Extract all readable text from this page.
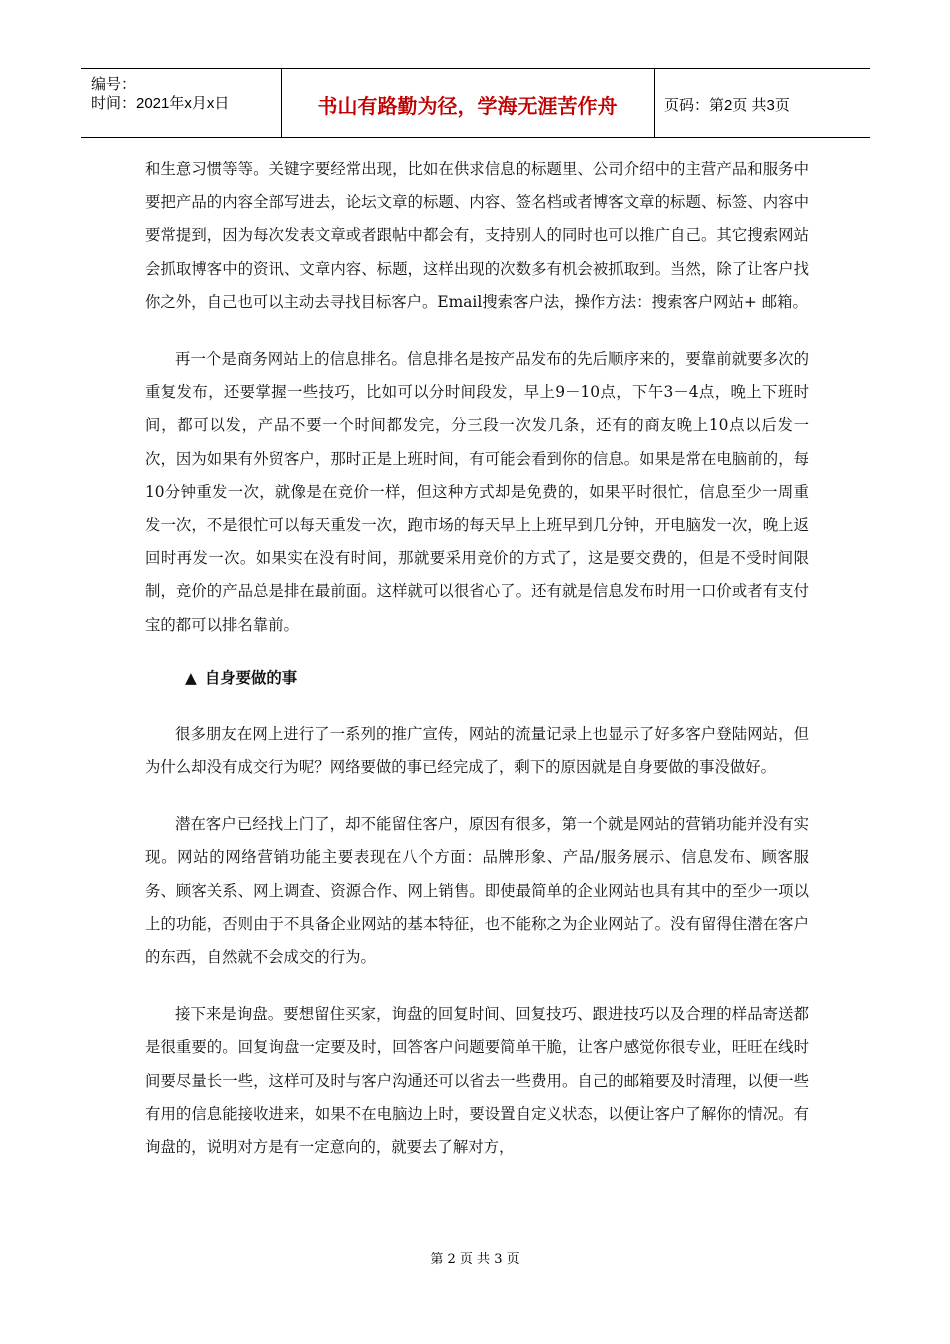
编号：
时间：2021年x月x日	书山有路勤为径，学海无涯苦作舟	页码：第2页 共3页

和生意习惯等等。关键字要经常出现，比如在供求信息的标题里、公司介绍中的主营产品和服务中要把产品的内容全部写进去，论坛文章的标题、内容、签名档或者博客文章的标题、标签、内容中要常提到，因为每次发表文章或者跟帖中都会有，支持别人的同时也可以推广自己。其它搜索网站会抓取博客中的资讯、文章内容、标题，这样出现的次数多有机会被抓取到。当然，除了让客户找你之外，自己也可以主动去寻找目标客户。Email搜索客户法，操作方法：搜索客户网站+ 邮箱。

再一个是商务网站上的信息排名。信息排名是按产品发布的先后顺序来的，要靠前就要多次的重复发布，还要掌握一些技巧，比如可以分时间段发，早上9－10点，下午3－4点，晚上下班时间，都可以发，产品不要一个时间都发完，分三段一次发几条，还有的商友晚上10点以后发一次，因为如果有外贸客户，那时正是上班时间，有可能会看到你的信息。如果是常在电脑前的，每10分钟重发一次，就像是在竞价一样，但这种方式却是免费的，如果平时很忙，信息至少一周重发一次，不是很忙可以每天重发一次，跑市场的每天早上上班早到几分钟，开电脑发一次，晚上返回时再发一次。如果实在没有时间，那就要采用竞价的方式了，这是要交费的，但是不受时间限制，竞价的产品总是排在最前面。这样就可以很省心了。还有就是信息发布时用一口价或者有支付宝的都可以排名靠前。

▲ 自身要做的事

很多朋友在网上进行了一系列的推广宣传，网站的流量记录上也显示了好多客户登陆网站，但为什么却没有成交行为呢？网络要做的事已经完成了，剩下的原因就是自身要做的事没做好。

潜在客户已经找上门了，却不能留住客户，原因有很多，第一个就是网站的营销功能并没有实现。网站的网络营销功能主要表现在八个方面：品牌形象、产品/服务展示、信息发布、顾客服务、顾客关系、网上调查、资源合作、网上销售。即使最简单的企业网站也具有其中的至少一项以上的功能，否则由于不具备企业网站的基本特征，也不能称之为企业网站了。没有留得住潜在客户的东西，自然就不会成交的行为。

接下来是询盘。要想留住买家，询盘的回复时间、回复技巧、跟进技巧以及合理的样品寄送都是很重要的。回复询盘一定要及时，回答客户问题要简单干脆，让客户感觉你很专业，旺旺在线时间要尽量长一些，这样可及时与客户沟通还可以省去一些费用。自己的邮箱要及时清理，以便一些有用的信息能接收进来，如果不在电脑边上时，要设置自定义状态，以便让客户了解你的情况。有询盘的，说明对方是有一定意向的，就要去了解对方，

第 2 页 共 3 页
